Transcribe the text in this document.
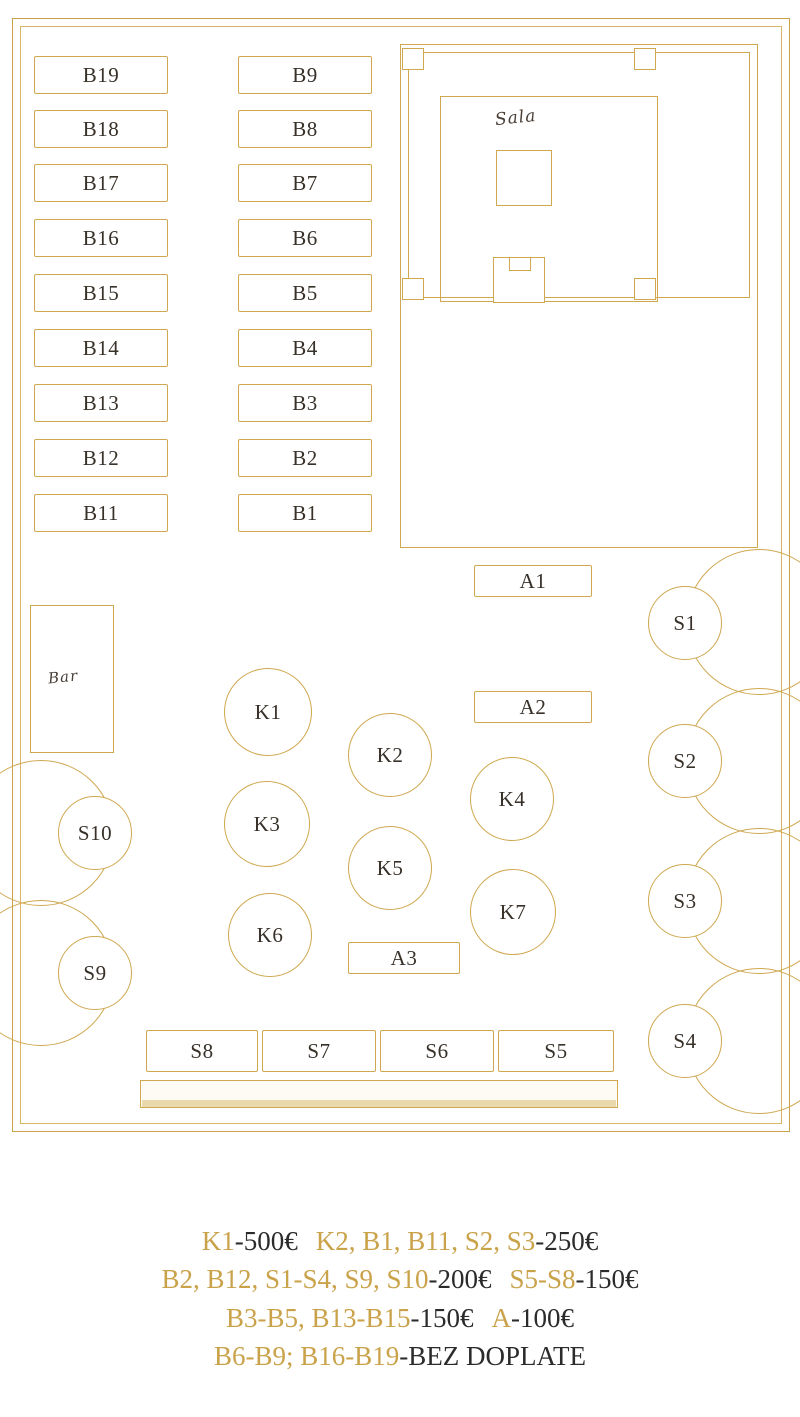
Sala
B19
B18
B17
B16
B15
B14
B13
B12
B11
B9
B8
B7
B6
B5
B4
B3
B2
B1
A1
A2
A3
Bar
K1
K2
K3
K4
K5
K6
K7
S1
S2
S3
S4
S10
S9
S8	S7	S6	S5
K1-500€ K2, B1, B11, S2, S3-250€
B2, B12, S1-S4, S9, S10-200€ S5-S8-150€
B3-B5, B13-B15-150€ A-100€
B6-B9; B16-B19-BEZ DOPLATE
